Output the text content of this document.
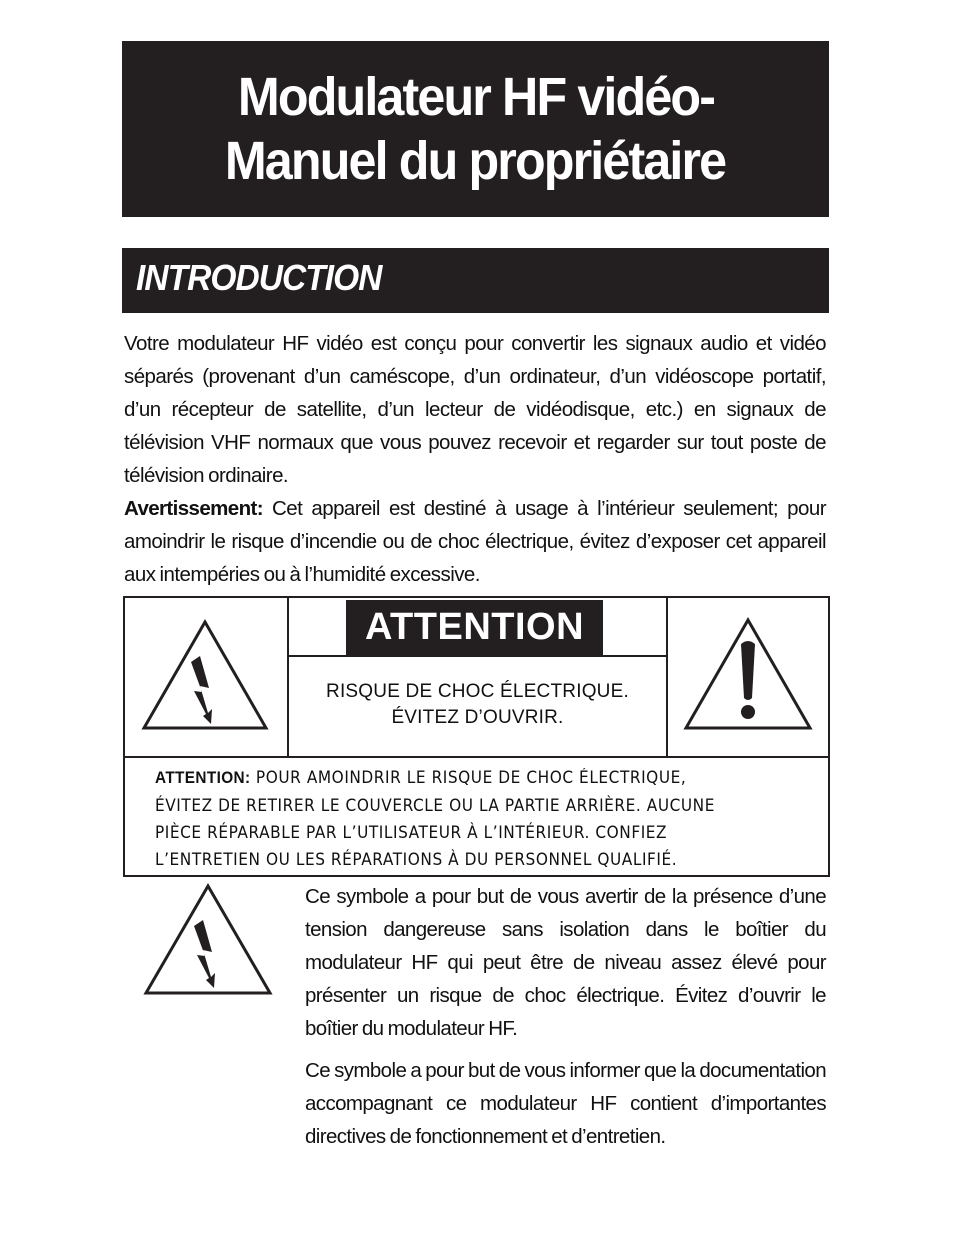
Modulateur HF vidéo-
Manuel du propriétaire
INTRODUCTION
Votre modulateur HF vidéo est conçu pour convertir les signaux audio et vidéo séparés (provenant d’un caméscope, d’un ordinateur, d’un vidéoscope portatif, d’un récepteur de satellite, d’un lecteur de vidéodisque, etc.) en signaux de télévision VHF normaux que vous pouvez recevoir et regarder sur tout poste de télévision ordinaire.
Avertissement: Cet appareil est destiné à usage à l’intérieur seulement; pour amoindrir le risque d’incendie ou de choc électrique, évitez d’exposer cet appareil aux intempéries ou à l’humidité excessive.
ATTENTION
RISQUE DE CHOC ÉLECTRIQUE.
ÉVITEZ D’OUVRIR.
ATTENTION: POUR AMOINDRIR LE RISQUE DE CHOC ÉLECTRIQUE,
ÉVITEZ DE RETIRER LE COUVERCLE OU LA PARTIE ARRIÈRE. AUCUNE
PIÈCE RÉPARABLE PAR L’UTILISATEUR À L’INTÉRIEUR. CONFIEZ
L’ENTRETIEN OU LES RÉPARATIONS À DU PERSONNEL QUALIFIÉ.
Ce symbole a pour but de vous avertir de la présence d’une tension dangereuse sans isolation dans le boîtier du modulateur HF qui peut être de niveau assez élevé pour présenter un risque de choc électrique. Évitez d’ouvrir le boîtier du modulateur HF.
Ce symbole a pour but de vous informer que la documentation accompagnant ce modulateur HF contient d’importantes directives de fonctionnement et d’entretien.
